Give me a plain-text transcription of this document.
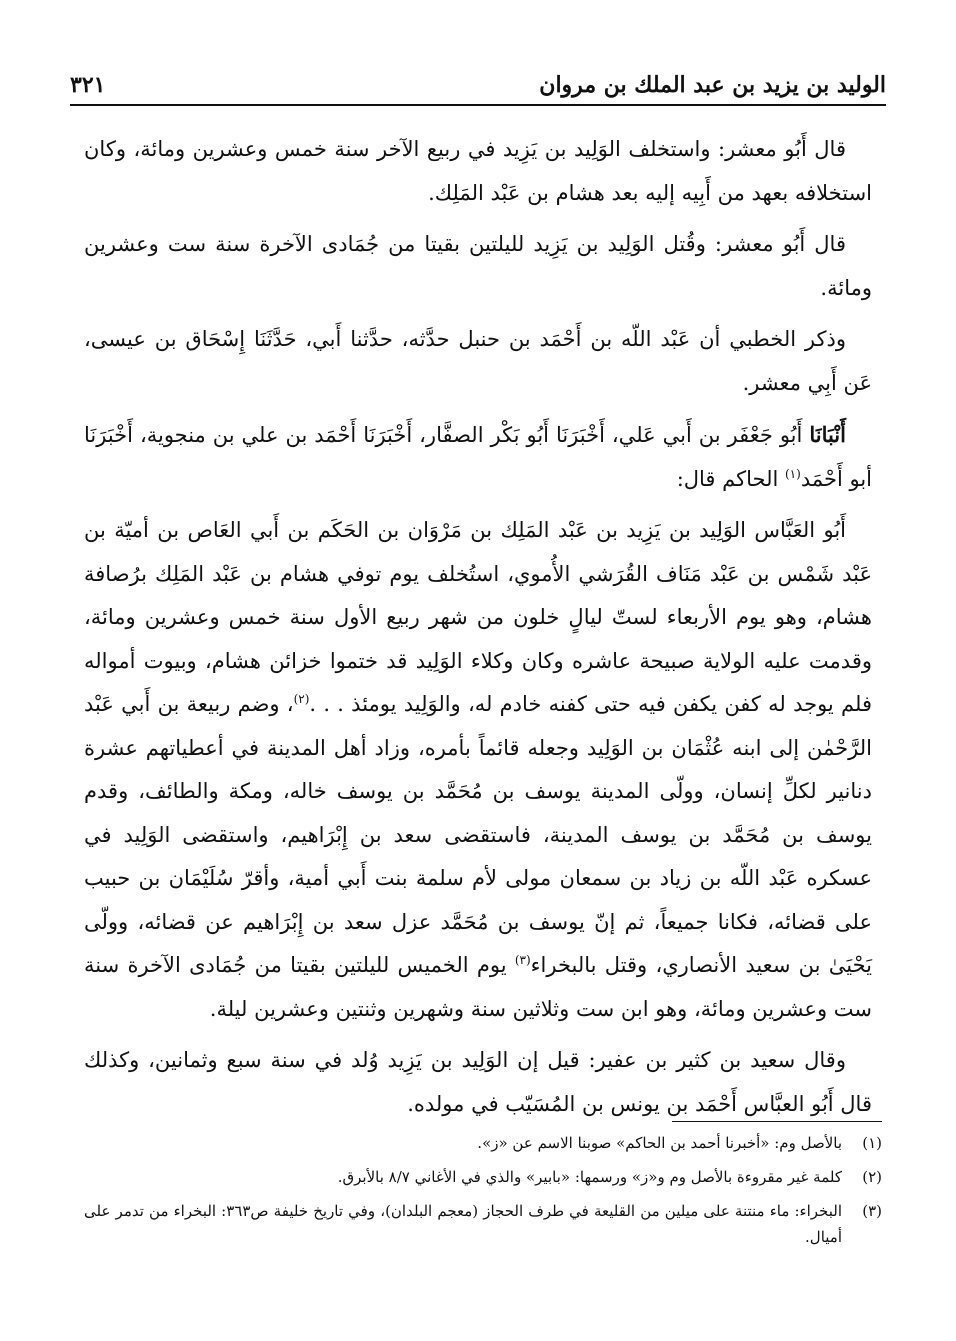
الوليد بن يزيد بن عبد الملك بن مروان
٣٢١

قال أَبُو معشر: واستخلف الوَلِيد بن يَزِيد في ربيع الآخر سنة خمس وعشرين ومائة، وكان استخلافه بعهد من أَبِيه إليه بعد هشام بن عَبْد المَلِك.

قال أَبُو معشر: وقُتل الوَلِيد بن يَزِيد لليلتين بقيتا من جُمَادى الآخرة سنة ست وعشرين ومائة.

وذكر الخطبي أن عَبْد اللّه بن أَحْمَد بن حنبل حدَّثه، حدَّثنا أَبي، حَدَّثَنَا إِسْحَاق بن عيسى، عَن أَبِي معشر.

أَنْبَانَا أَبُو جَعْفَر بن أَبي عَلي، أَخْبَرَنَا أَبُو بَكْر الصفَّار، أَخْبَرَنَا أَحْمَد بن علي بن منجوية، أَخْبَرَنَا أبو أَحْمَد$^{(١)}$ الحاكم قال:

أَبُو العَبَّاس الوَلِيد بن يَزِيد بن عَبْد المَلِك بن مَرْوَان بن الحَكَم بن أَبي العَاص بن أميّة بن عَبْد شَمْس بن عَبْد مَنَاف القُرَشي الأُموي، استُخلف يوم توفي هشام بن عَبْد المَلِك برُصافة هشام، وهو يوم الأربعاء لستّ ليالٍ خلون من شهر ربيع الأول سنة خمس وعشرين ومائة، وقدمت عليه الولاية صبيحة عاشره وكان وكلاء الوَلِيد قد ختموا خزائن هشام، وبيوت أمواله فلم يوجد له كفن يكفن فيه حتى كفنه خادم له، والوَلِيد يومئذ . . .$^{(٢)}$، وضم ربيعة بن أَبي عَبْد الرَّحْمٰن إلى ابنه عُثْمَان بن الوَلِيد وجعله قائماً بأمره، وزاد أهل المدينة في أعطياتهم عشرة دنانير لكلِّ إنسان، وولّى المدينة يوسف بن مُحَمَّد بن يوسف خاله، ومكة والطائف، وقدم يوسف بن مُحَمَّد بن يوسف المدينة، فاستقضى سعد بن إِبْرَاهيم، واستقضى الوَلِيد في عسكره عَبْد اللّه بن زياد بن سمعان مولى لأم سلمة بنت أَبي أمية، وأقرّ سُلَيْمَان بن حبيب على قضائه، فكانا جميعاً، ثم إنّ يوسف بن مُحَمَّد عزل سعد بن إِبْرَاهيم عن قضائه، وولّى يَحْيَىٰ بن سعيد الأنصاري، وقتل بالبخراء$^{(٣)}$ يوم الخميس لليلتين بقيتا من جُمَادى الآخرة سنة ست وعشرين ومائة، وهو ابن ست وثلاثين سنة وشهرين وثنتين وعشرين ليلة.

وقال سعيد بن كثير بن عفير: قيل إن الوَلِيد بن يَزِيد وُلد في سنة سبع وثمانين، وكذلك قال أَبُو العبَّاس أَحْمَد بن يونس بن المُسَيّب في مولده.

(١)
بالأصل وم: «أخبرنا أحمد بن الحاكم» صوبنا الاسم عن «ز».
(٢)
كلمة غير مقروءة بالأصل وم و«ز» ورسمها: «بابير» والذي في الأغاني ٨/٧ بالأبرق.
(٣)
البخراء: ماء منتنة على ميلين من القليعة في طرف الحجاز (معجم البلدان)، وفي تاريخ خليفة ص٣٦٣: البخراء من تدمر على أميال.
